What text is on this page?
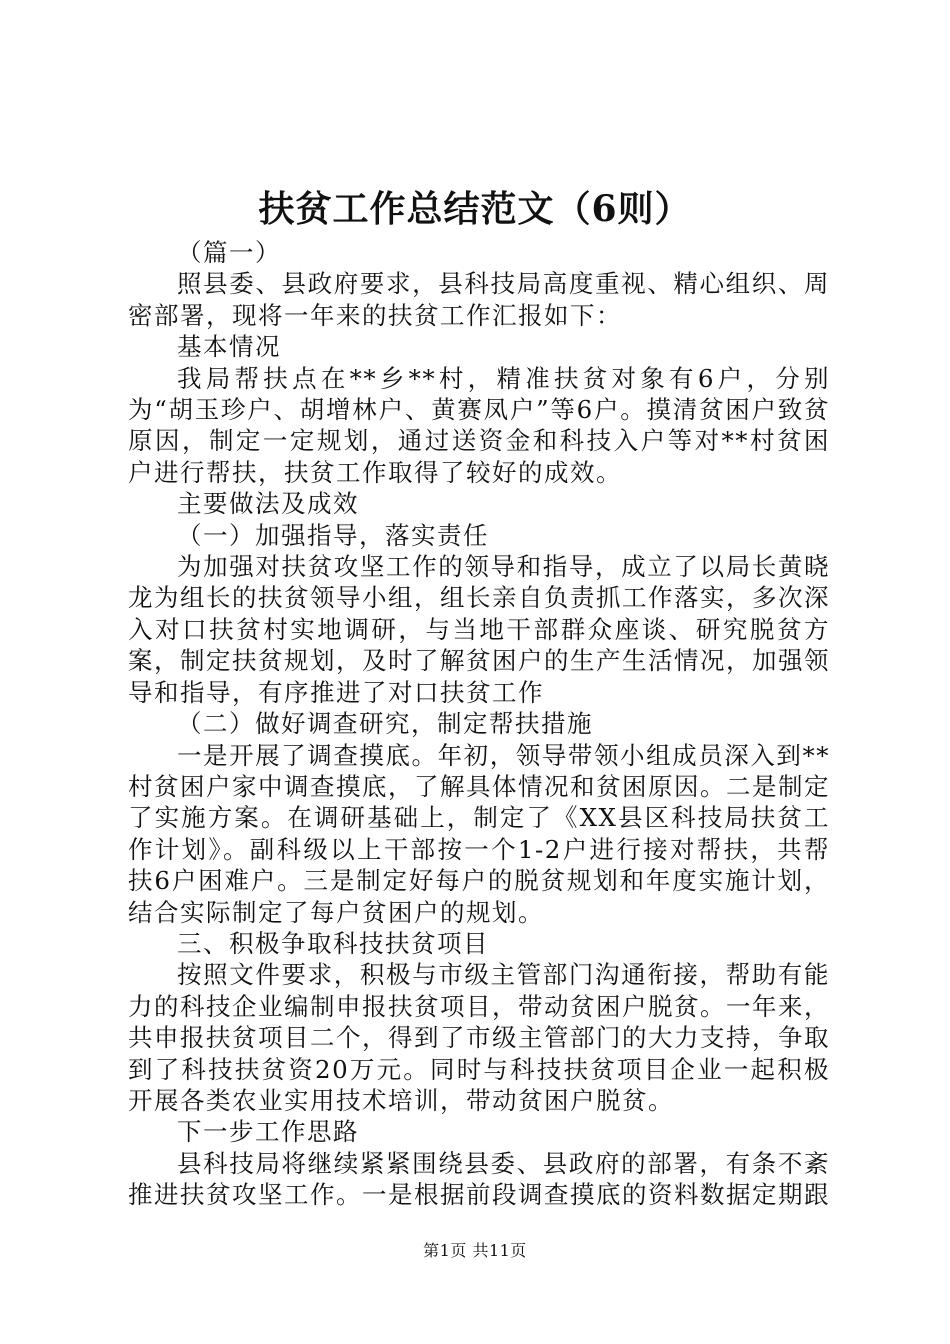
扶贫工作总结范文（6则）

（篇一）

照县委、县政府要求，县科技局高度重视、精心组织、周密部署，现将一年来的扶贫工作汇报如下：

基本情况

我局帮扶点在**乡**村，精准扶贫对象有6户，分别为“胡玉珍户、胡增林户、黄赛凤户”等6户。摸清贫困户致贫原因，制定一定规划，通过送资金和科技入户等对**村贫困户进行帮扶，扶贫工作取得了较好的成效。

主要做法及成效

（一）加强指导，落实责任

为加强对扶贫攻坚工作的领导和指导，成立了以局长黄晓龙为组长的扶贫领导小组，组长亲自负责抓工作落实，多次深入对口扶贫村实地调研，与当地干部群众座谈、研究脱贫方案，制定扶贫规划，及时了解贫困户的生产生活情况，加强领导和指导，有序推进了对口扶贫工作

（二）做好调查研究，制定帮扶措施

一是开展了调查摸底。年初，领导带领小组成员深入到**村贫困户家中调查摸底，了解具体情况和贫困原因。二是制定了实施方案。在调研基础上，制定了《XX县区科技局扶贫工作计划》。副科级以上干部按一个1-2户进行接对帮扶，共帮扶6户困难户。三是制定好每户的脱贫规划和年度实施计划，结合实际制定了每户贫困户的规划。

三、积极争取科技扶贫项目

按照文件要求，积极与市级主管部门沟通衔接，帮助有能力的科技企业编制申报扶贫项目，带动贫困户脱贫。一年来，共申报扶贫项目二个，得到了市级主管部门的大力支持，争取到了科技扶贫资20万元。同时与科技扶贫项目企业一起积极开展各类农业实用技术培训，带动贫困户脱贫。

下一步工作思路

县科技局将继续紧紧围绕县委、县政府的部署，有条不紊推进扶贫攻坚工作。一是根据前段调查摸底的资料数据定期跟

第1页 共11页
